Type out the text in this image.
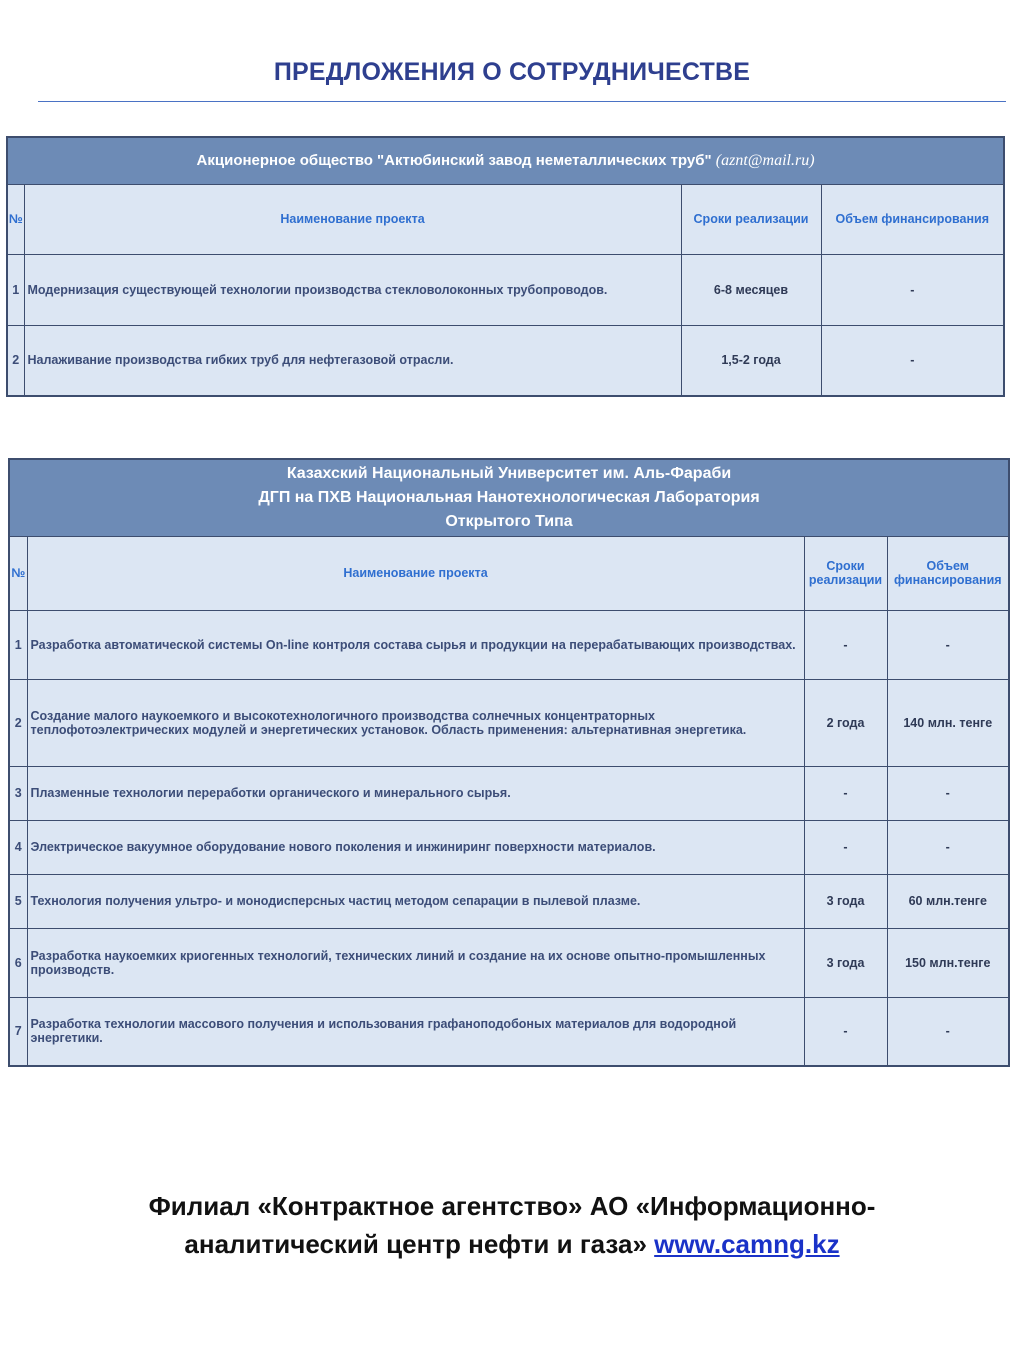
ПРЕДЛОЖЕНИЯ О СОТРУДНИЧЕСТВЕ
Акционерное общество "Актюбинский завод неметаллических труб" (aznt@mail.ru)			
№	Наименование проекта	Сроки реализации	Объем финансирования
1	Модернизация существующей технологии производства стекловолоконных трубопроводов.	6-8 месяцев	-
2	Налаживание производства гибких труб для нефтегазовой отрасли.	1,5-2 года	-
Казахский Национальный Университет им. Аль-Фараби
ДГП на ПХВ Национальная Нанотехнологическая Лаборатория
Открытого Типа			

№	Наименование проекта	Сроки реализации	Объем финансирования
1	Разработка автоматической системы On-line контроля состава сырья и продукции на перерабатывающих производствах.	-	-
2	Создание малого наукоемкого и высокотехнологичного производства солнечных концентраторных теплофотоэлектрических модулей и энергетических установок. Область применения: альтернативная энергетика.	2 года	140 млн. тенге
3	Плазменные технологии переработки органического и минерального сырья.	-	-
4	Электрическое вакуумное оборудование нового поколения и инжиниринг поверхности материалов.	-	-
5	Технология получения ультро- и монодисперсных частиц методом сепарации в пылевой плазме.	3 года	60 млн.тенге
6	Разработка наукоемких криогенных технологий, технических линий и создание на их основе опытно-промышленных производств.	3 года	150 млн.тенге
7	Разработка технологии массового получения и использования графаноподобоных материалов для водородной энергетики.	-	-
Филиал «Контрактное агентство» АО «Информационно-
аналитический центр нефти и газа» www.camng.kz
